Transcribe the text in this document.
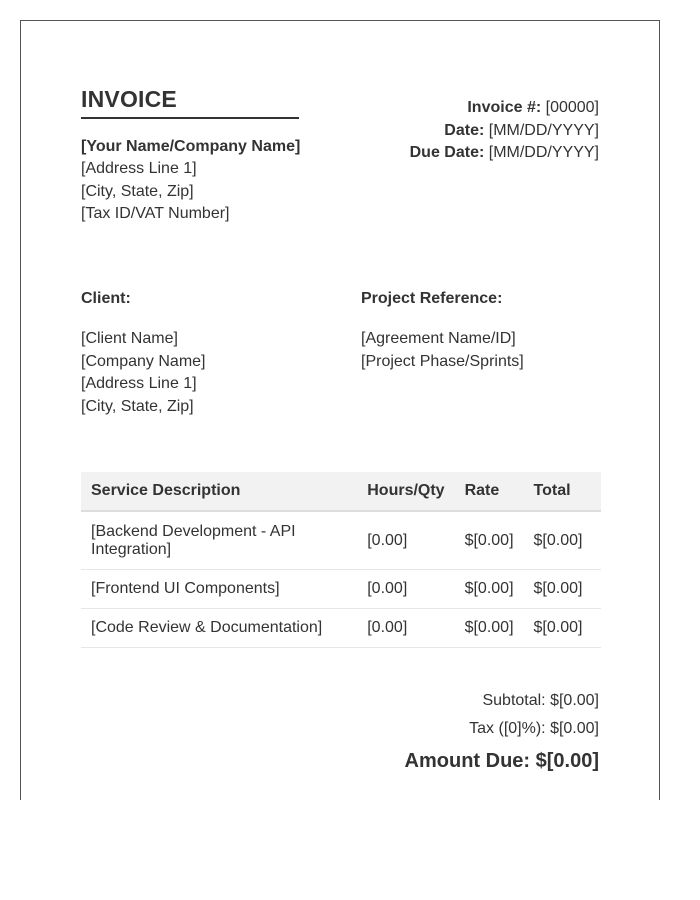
INVOICE
[Your Name/Company Name]
[Address Line 1]
[City, State, Zip]
[Tax ID/VAT Number]
Invoice #: [00000]
Date: [MM/DD/YYYY]
Due Date: [MM/DD/YYYY]
Client:
[Client Name]
[Company Name]
[Address Line 1]
[City, State, Zip]
Project Reference:
[Agreement Name/ID]
[Project Phase/Sprints]
Service Description	Hours/Qty	Rate	Total
[Backend Development - API Integration]	[0.00]	$[0.00]	$[0.00]
[Frontend UI Components]	[0.00]	$[0.00]	$[0.00]
[Code Review & Documentation]	[0.00]	$[0.00]	$[0.00]
Subtotal: $[0.00]
Tax ([0]%): $[0.00]
Amount Due: $[0.00]
